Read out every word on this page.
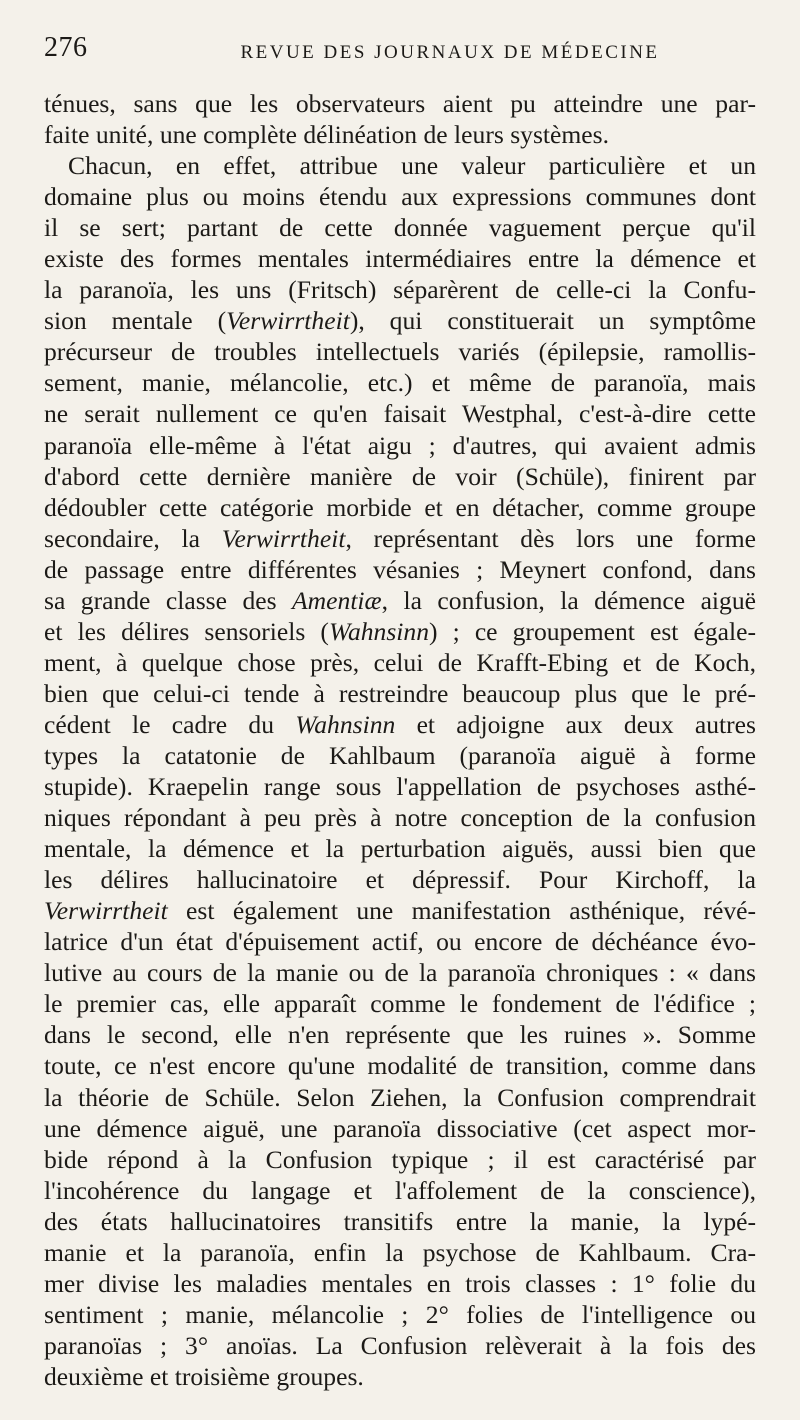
276	REVUE DES JOURNAUX DE MÉDECINE
ténues, sans que les observateurs aient pu atteindre une par-
faite unité, une complète délinéation de leurs systèmes.
Chacun, en effet, attribue une valeur particulière et un
domaine plus ou moins étendu aux expressions communes dont
il se sert; partant de cette donnée vaguement perçue qu'il
existe des formes mentales intermédiaires entre la démence et
la paranoïa, les uns (Fritsch) séparèrent de celle-ci la Confu-
sion mentale (Verwirrtheit), qui constituerait un symptôme
précurseur de troubles intellectuels variés (épilepsie, ramollis-
sement, manie, mélancolie, etc.) et même de paranoïa, mais
ne serait nullement ce qu'en faisait Westphal, c'est-à-dire cette
paranoïa elle-même à l'état aigu ; d'autres, qui avaient admis
d'abord cette dernière manière de voir (Schüle), finirent par
dédoubler cette catégorie morbide et en détacher, comme groupe
secondaire, la Verwirrtheit, représentant dès lors une forme
de passage entre différentes vésanies ; Meynert confond, dans
sa grande classe des Amentiæ, la confusion, la démence aiguë
et les délires sensoriels (Wahnsinn) ; ce groupement est égale-
ment, à quelque chose près, celui de Krafft-Ebing et de Koch,
bien que celui-ci tende à restreindre beaucoup plus que le pré-
cédent le cadre du Wahnsinn et adjoigne aux deux autres
types la catatonie de Kahlbaum (paranoïa aiguë à forme
stupide). Kraepelin range sous l'appellation de psychoses asthé-
niques répondant à peu près à notre conception de la confusion
mentale, la démence et la perturbation aiguës, aussi bien que
les délires hallucinatoire et dépressif. Pour Kirchoff, la
Verwirrtheit est également une manifestation asthénique, révé-
latrice d'un état d'épuisement actif, ou encore de déchéance évo-
lutive au cours de la manie ou de la paranoïa chroniques : « dans
le premier cas, elle apparaît comme le fondement de l'édifice ;
dans le second, elle n'en représente que les ruines ». Somme
toute, ce n'est encore qu'une modalité de transition, comme dans
la théorie de Schüle. Selon Ziehen, la Confusion comprendrait
une démence aiguë, une paranoïa dissociative (cet aspect mor-
bide répond à la Confusion typique ; il est caractérisé par
l'incohérence du langage et l'affolement de la conscience),
des états hallucinatoires transitifs entre la manie, la lypé-
manie et la paranoïa, enfin la psychose de Kahlbaum. Cra-
mer divise les maladies mentales en trois classes : 1° folie du
sentiment ; manie, mélancolie ; 2° folies de l'intelligence ou
paranoïas ; 3° anoïas. La Confusion relèverait à la fois des
deuxième et troisième groupes.
